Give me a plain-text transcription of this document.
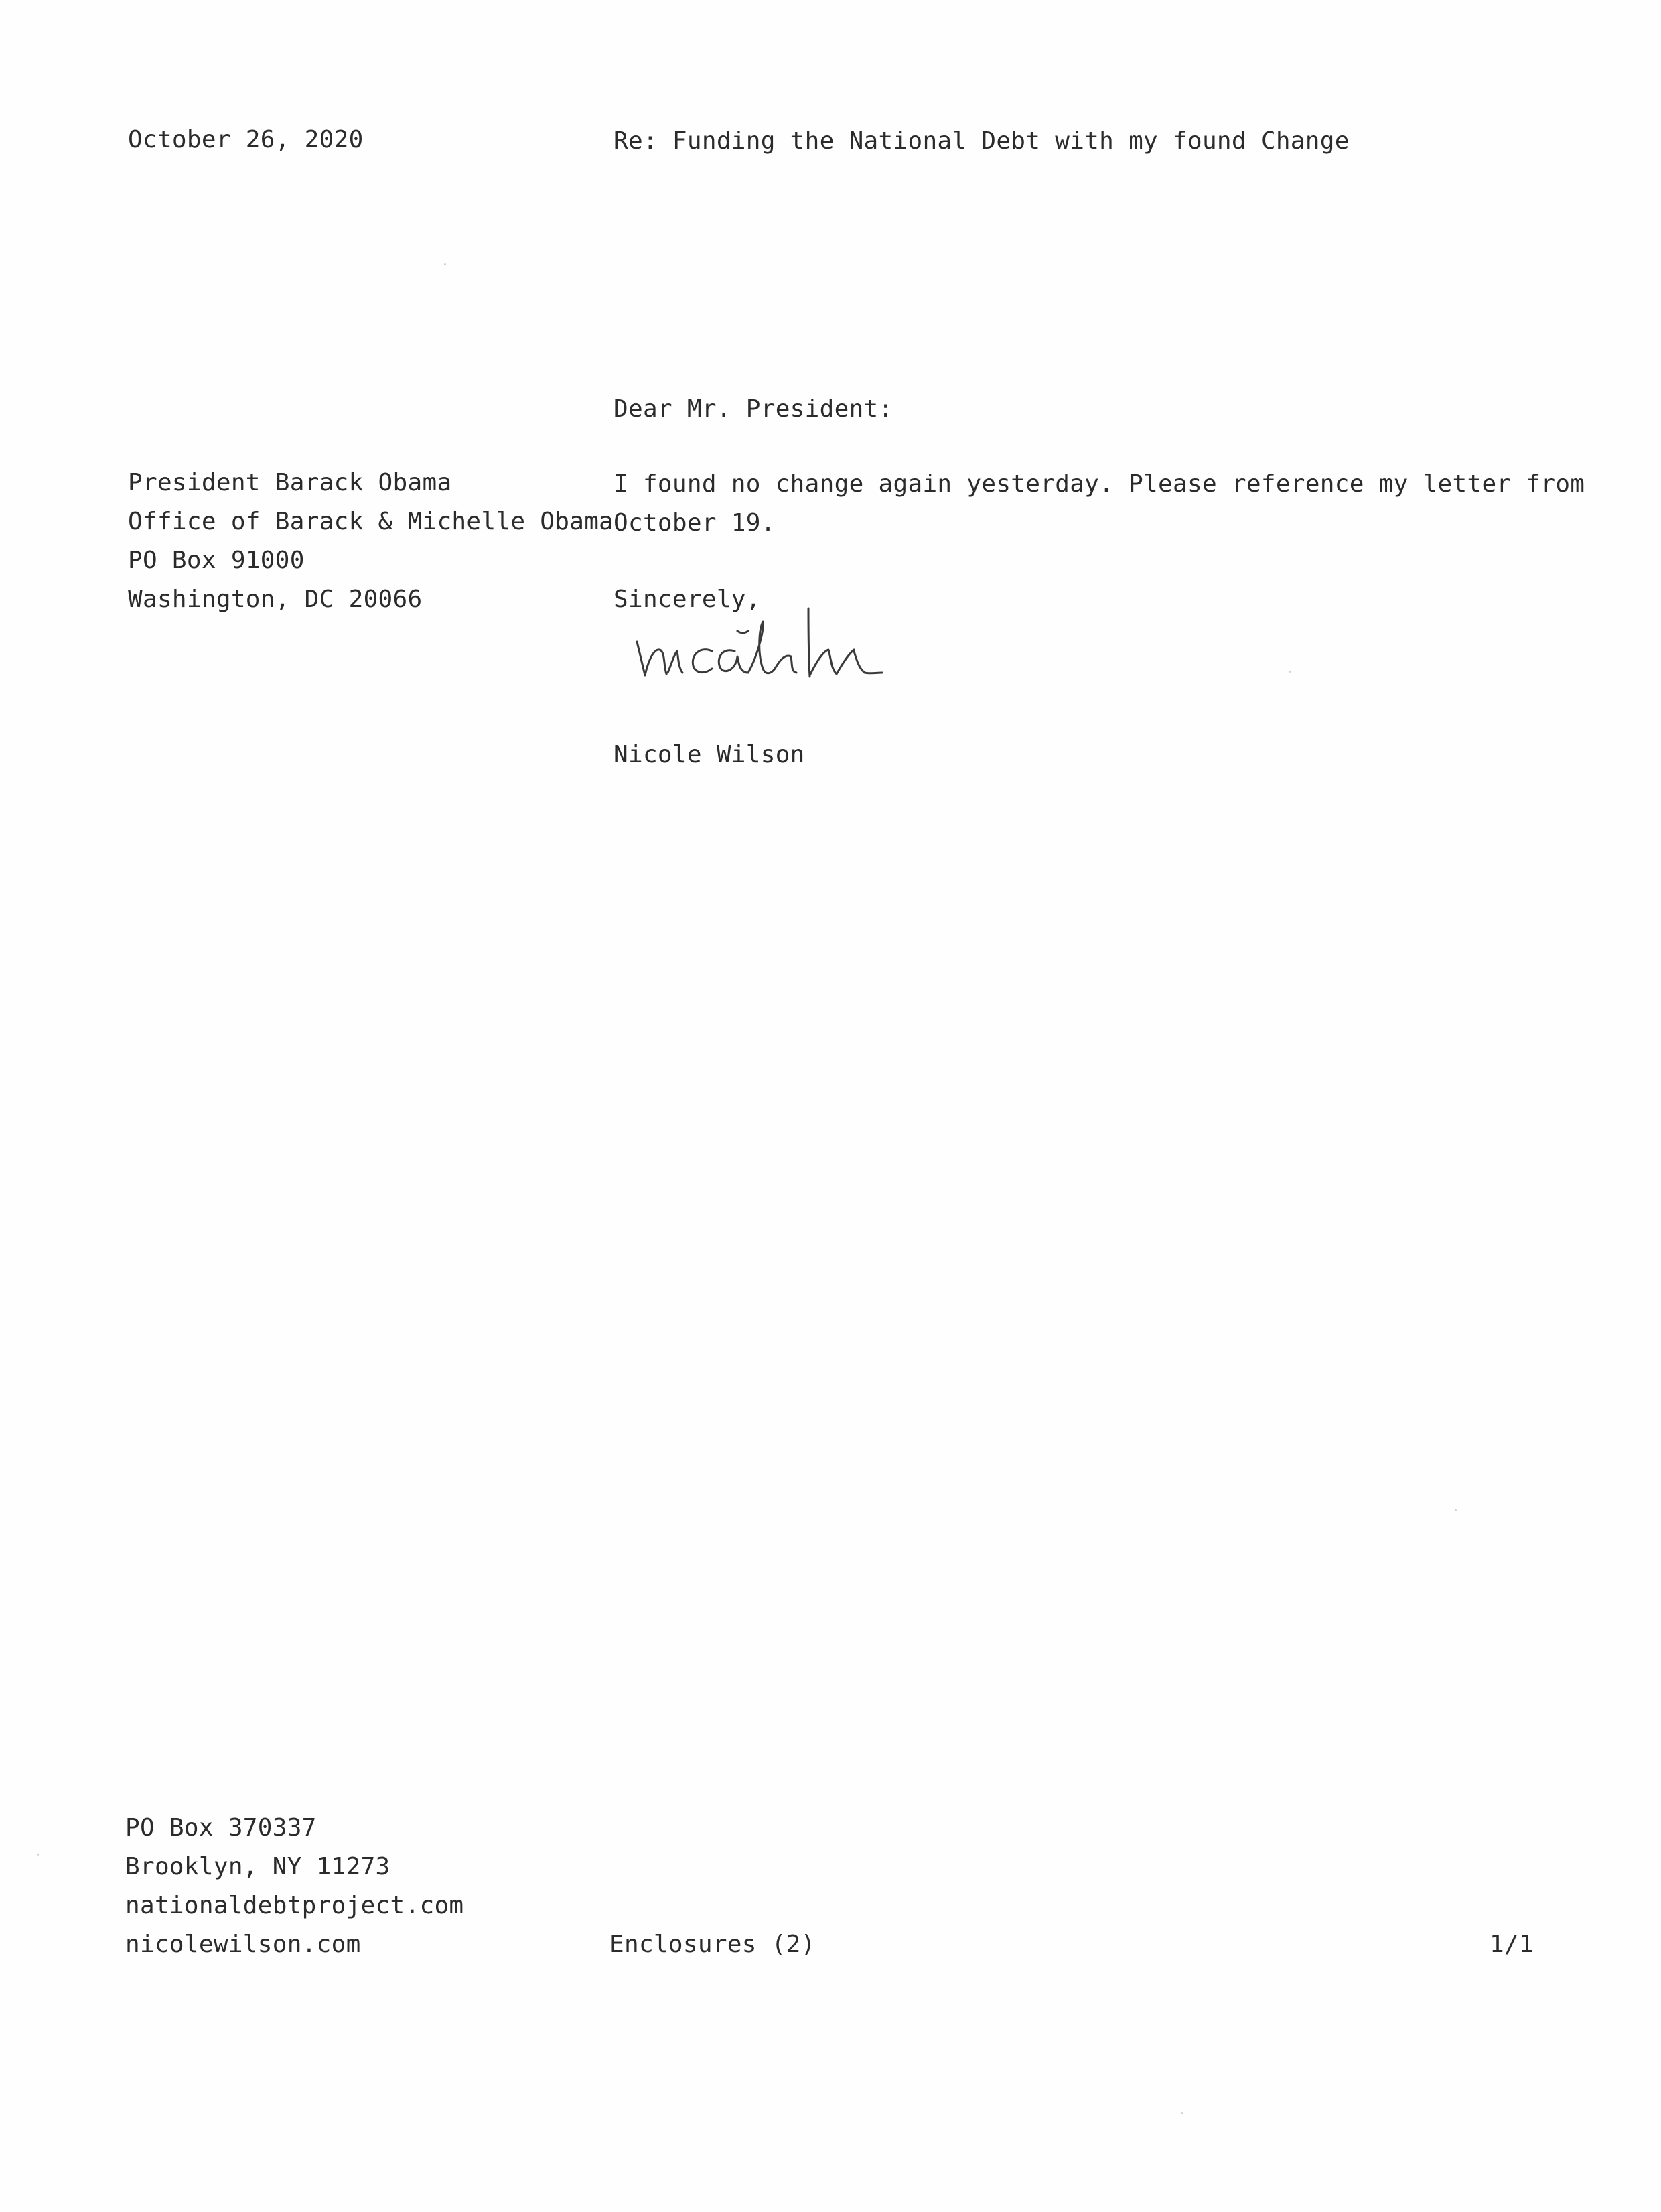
October 26, 2020	Re: Funding the National Debt with my found Change
Dear Mr. President:
President Barack Obama
Office of Barack & Michelle Obama
PO Box 91000
Washington, DC 20066
I found no change again yesterday. Please reference my letter from
October 19.
Sincerely,
Nicole Wilson
PO Box 370337
Brooklyn, NY 11273
nationaldebtproject.com
nicolewilson.com	Enclosures (2)	1/1
